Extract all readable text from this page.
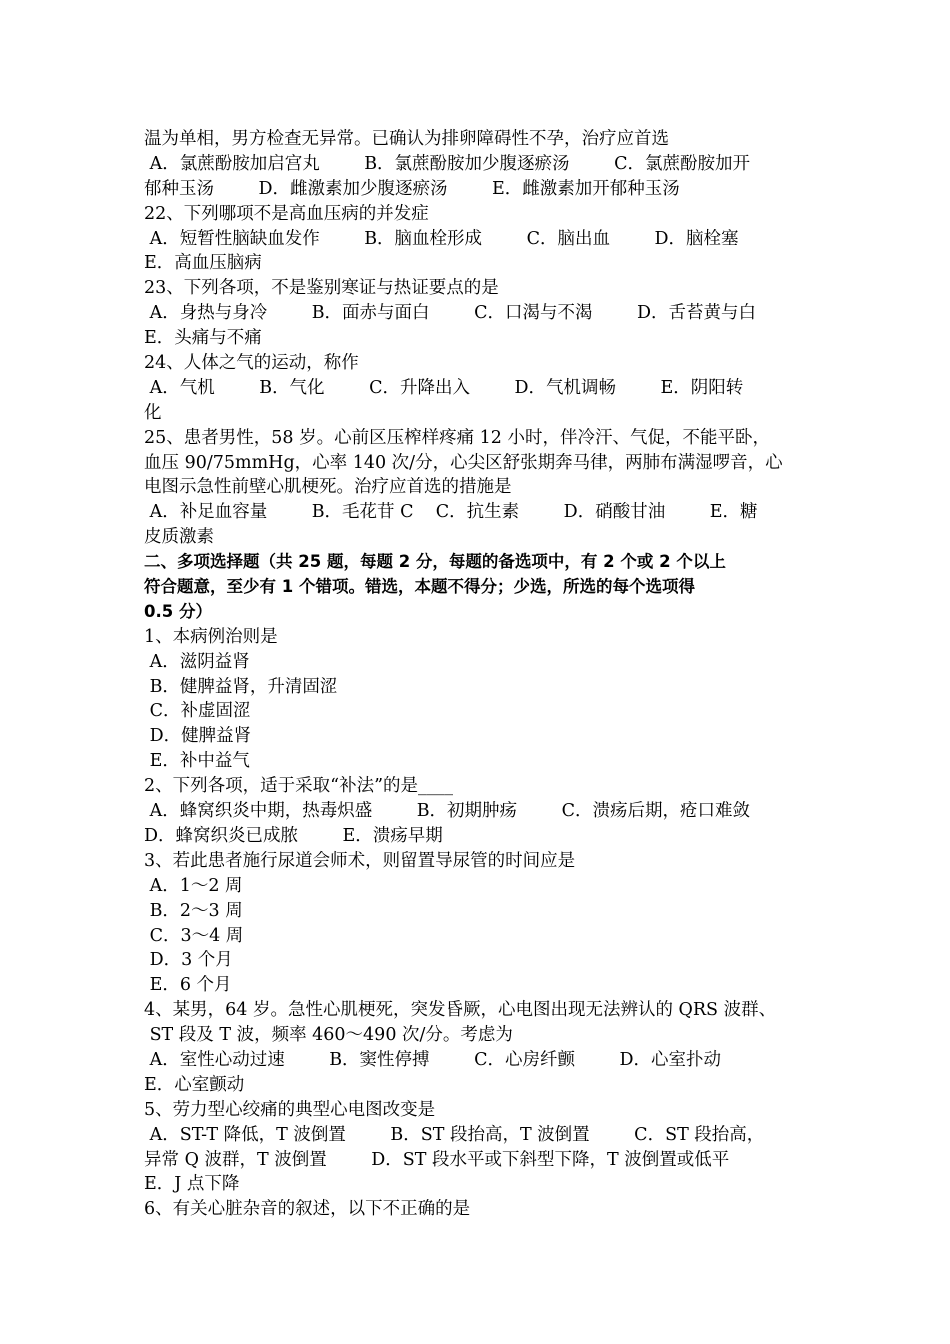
温为单相，男方检查无异常。已确认为排卵障碍性不孕，治疗应首选
A．氯蔗酚胺加启宫丸        B．氯蔗酚胺加少腹逐瘀汤        C．氯蔗酚胺加开
郁种玉汤        D．雌激素加少腹逐瘀汤        E．雌激素加开郁种玉汤
22、下列哪项不是高血压病的并发症
A．短暂性脑缺血发作        B．脑血栓形成        C．脑出血        D．脑栓塞
E．高血压脑病
23、下列各项，不是鉴别寒证与热证要点的是
A．身热与身冷        B．面赤与面白        C．口渴与不渴        D．舌苔黄与白
E．头痛与不痛
24、人体之气的运动，称作
A．气机        B．气化        C．升降出入        D．气机调畅        E．阴阳转
化
25、患者男性，58 岁。心前区压榨样疼痛 12 小时，伴冷汗、气促，不能平卧，
血压 90/75mmHg，心率 140 次/分，心尖区舒张期奔马律，两肺布满湿啰音，心
电图示急性前壁心肌梗死。治疗应首选的措施是
A．补足血容量        B．毛花苷 C    C．抗生素        D．硝酸甘油        E．糖
皮质激素
二、多项选择题（共 25 题，每题 2 分，每题的备选项中，有 2 个或 2 个以上
符合题意，至少有 1 个错项。错选，本题不得分；少选，所选的每个选项得
0.5 分）
1、本病例治则是
A．滋阴益肾
B．健脾益肾，升清固涩
C．补虚固涩
D．健脾益肾
E．补中益气
2、下列各项，适于采取“补法”的是____
A．蜂窝织炎中期，热毒炽盛        B．初期肿疡        C．溃疡后期，疮口难敛
D．蜂窝织炎已成脓        E．溃疡早期
3、若此患者施行尿道会师术，则留置导尿管的时间应是
A．1～2 周
B．2～3 周
C．3～4 周
D．3 个月
E．6 个月
4、某男，64 岁。急性心肌梗死，突发昏厥，心电图出现无法辨认的 QRS 波群、
ST 段及 T 波，频率 460～490 次/分。考虑为
A．室性心动过速        B．窦性停搏        C．心房纤颤        D．心室扑动
E．心室颤动
5、劳力型心绞痛的典型心电图改变是
A．ST-T 降低，T 波倒置        B．ST 段抬高，T 波倒置        C．ST 段抬高，
异常 Q 波群，T 波倒置        D．ST 段水平或下斜型下降，T 波倒置或低平
E．J 点下降
6、有关心脏杂音的叙述，以下不正确的是
